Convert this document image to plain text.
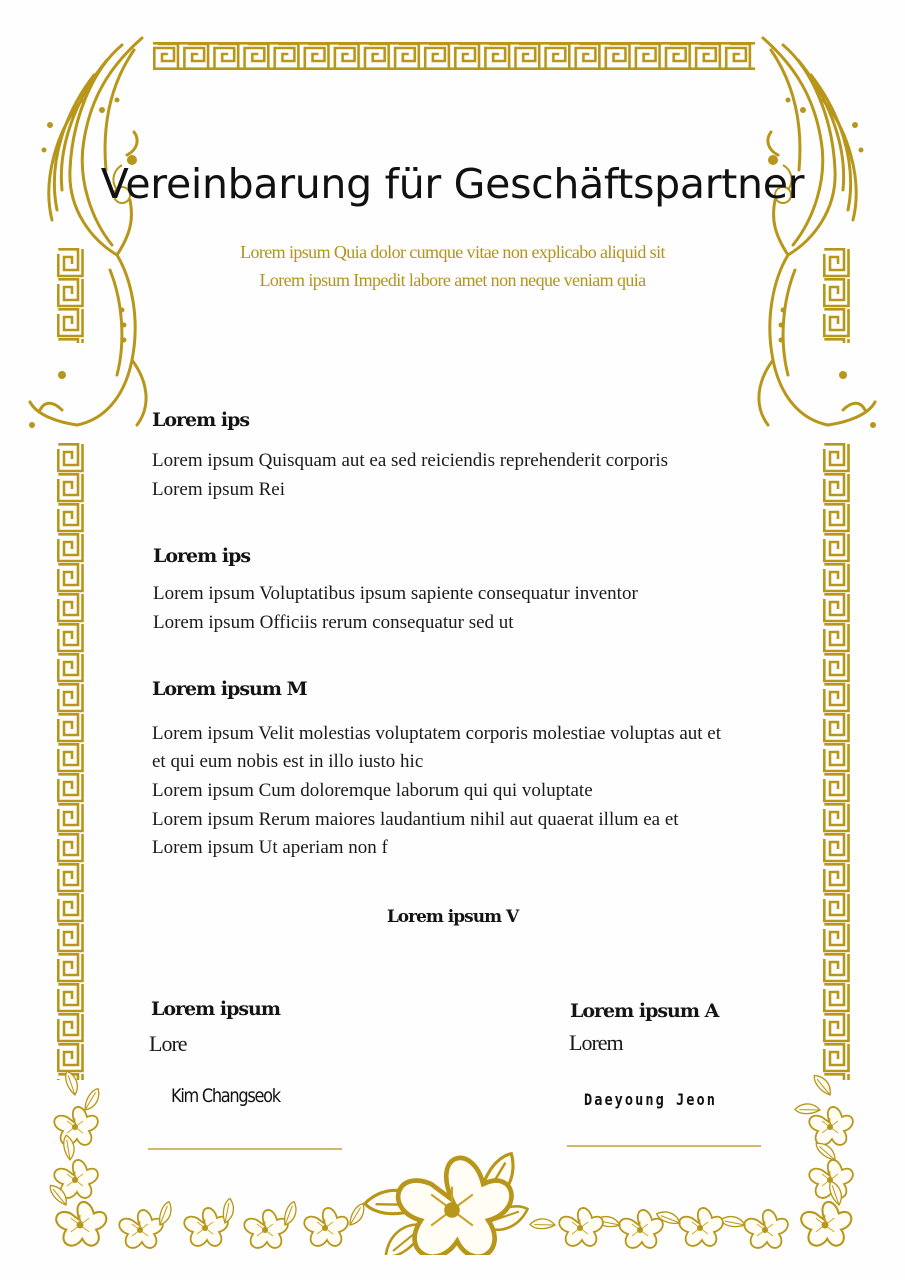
Vereinbarung für Geschäftspartner
Lorem ipsum Quia dolor cumque vitae non explicabo aliquid sit
Lorem ipsum Impedit labore amet non neque veniam quia
Lorem ips
Lorem ipsum Quisquam aut ea sed reiciendis reprehenderit corporis
Lorem ipsum Rei
Lorem ips
Lorem ipsum Voluptatibus ipsum sapiente consequatur inventor
Lorem ipsum Officiis rerum consequatur sed ut
Lorem ipsum M
Lorem ipsum Velit molestias voluptatem corporis molestiae voluptas aut et
et qui eum nobis est in illo iusto hic
Lorem ipsum Cum doloremque laborum qui qui voluptate
Lorem ipsum Rerum maiores laudantium nihil aut quaerat illum ea et
Lorem ipsum Ut aperiam non f
Lorem ipsum V
Lorem ipsum
Lore
Kim Changseok
Lorem ipsum A
Lorem
Daeyoung Jeon
